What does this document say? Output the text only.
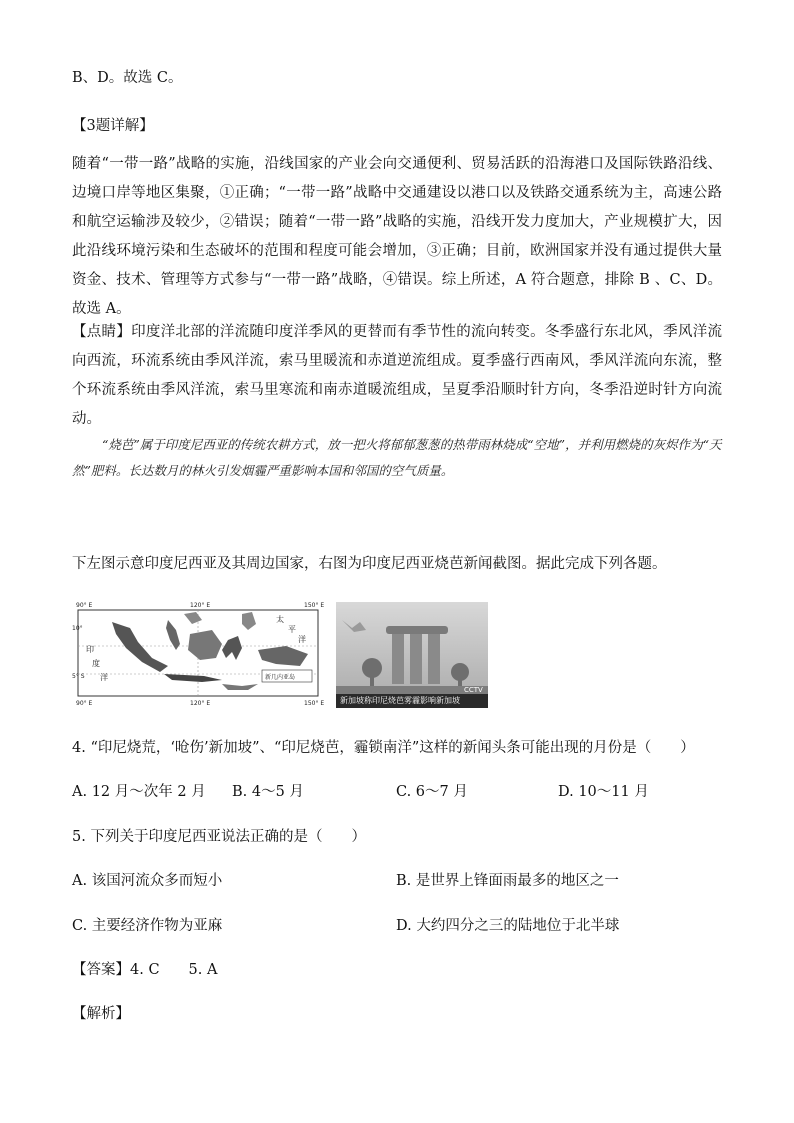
B、D。故选 C。
【3题详解】
随着“一带一路”战略的实施，沿线国家的产业会向交通便利、贸易活跃的沿海港口及国际铁路沿线、边境口岸等地区集聚，①正确；“一带一路”战略中交通建设以港口以及铁路交通系统为主，高速公路和航空运输涉及较少，②错误；随着“一带一路”战略的实施，沿线开发力度加大，产业规模扩大，因此沿线环境污染和生态破坏的范围和程度可能会增加，③正确；目前，欧洲国家并没有通过提供大量资金、技术、管理等方式参与“一带一路”战略，④错误。综上所述，A 符合题意，排除 B 、C、D。故选 A。
【点睛】印度洋北部的洋流随印度洋季风的更替而有季节性的流向转变。冬季盛行东北风，季风洋流向西流，环流系统由季风洋流，索马里暖流和赤道逆流组成。夏季盛行西南风，季风洋流向东流，整个环流系统由季风洋流，索马里寒流和南赤道暖流组成，呈夏季沿顺时针方向，冬季沿逆时针方向流动。
“烧芭”属于印度尼西亚的传统农耕方式，放一把火将郁郁葱葱的热带雨林烧成“空地”，并利用燃烧的灰烬作为“天然”肥料。长达数月的林火引发烟霾严重影响本国和邻国的空气质量。
下左图示意印度尼西亚及其周边国家，右图为印度尼西亚烧芭新闻截图。据此完成下列各题。
90° E	120° E	150° E
90° E	120° E	150° E
10°
5° S
印
度
洋
太
平
洋
新几内亚岛
CCTV
新加坡称印尼烧芭雾霾影响新加坡
4. “印尼烧荒，‘呛伤’新加坡”、“印尼烧芭，霾锁南洋”这样的新闻头条可能出现的月份是（　　）
A. 12 月～次年 2 月 B. 4～5 月	C. 6～7 月	D. 10～11 月
5. 下列关于印度尼西亚说法正确的是（　　）
A. 该国河流众多而短小	B. 是世界上锋面雨最多的地区之一
C. 主要经济作物为亚麻	D. 大约四分之三的陆地位于北半球
【答案】4. C　　5. A
【解析】
